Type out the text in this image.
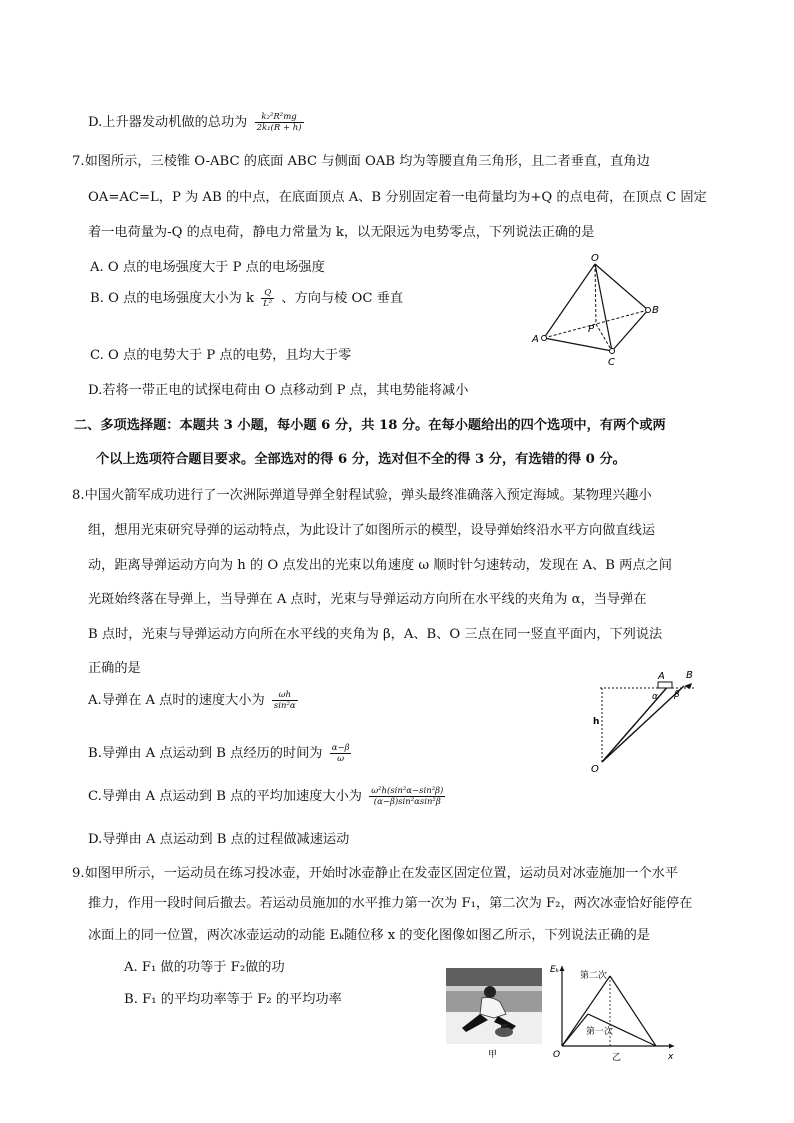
D.上升器发动机做的总功为 $\frac{\text{k₂²R²mg}}{\text{2k₁(R + h)}}$
7.如图所示，三棱锥 O-ABC 的底面 ABC 与侧面 OAB 均为等腰直角三角形，且二者垂直，直角边
OA=AC=L，P 为 AB 的中点，在底面顶点 A、B 分别固定着一电荷量均为+Q 的点电荷，在顶点 C 固定
着一电荷量为-Q 的点电荷，静电力常量为 k，以无限远为电势零点，下列说法正确的是
A. O 点的电场强度大于 P 点的电场强度
B. O 点的电场强度大小为 k $\frac{Q}{\text{L²}}$ 、方向与棱 OC 垂直
C. O 点的电势大于 P 点的电势，且均大于零
D.若将一带正电的试探电荷由 O 点移动到 P 点，其电势能将减小
O
A
B
C
P
二、多项选择题：本题共 3 小题，每小题 6 分，共 18 分。在每小题给出的四个选项中，有两个或两
个以上选项符合题目要求。全部选对的得 6 分，选对但不全的得 3 分，有选错的得 0 分。
8.中国火箭军成功进行了一次洲际弹道导弹全射程试验，弹头最终准确落入预定海域。某物理兴趣小
组，想用光束研究导弹的运动特点，为此设计了如图所示的模型，设导弹始终沿水平方向做直线运
动，距离导弹运动方向为 h 的 O 点发出的光束以角速度 ω 顺时针匀速转动，发现在 A、B 两点之间
光斑始终落在导弹上，当导弹在 A 点时，光束与导弹运动方向所在水平线的夹角为 α，当导弹在
B 点时，光束与导弹运动方向所在水平线的夹角为 β，A、B、O 三点在同一竖直平面内，下列说法
正确的是
A.导弹在 A 点时的速度大小为 $\frac{\omega h}{\text{sin²α}}$
B.导弹由 A 点运动到 B 点经历的时间为 $\frac{\alpha-\beta}{\omega}$
C.导弹由 A 点运动到 B 点的平均加速度大小为 $\frac{\text{ω²h(sin²α−sin²β)}}{\text{(α−β)sin²αsin²β}}$
D.导弹由 A 点运动到 B 点的过程做减速运动
A B
O
h
α β
9.如图甲所示，一运动员在练习投冰壶，开始时冰壶静止在发壶区固定位置，运动员对冰壶施加一个水平
推力，作用一段时间后撤去。若运动员施加的水平推力第一次为 F₁，第二次为 F₂，两次冰壶恰好能停在
冰面上的同一位置，两次冰壶运动的动能 Eₖ随位移 x 的变化图像如图乙所示，下列说法正确的是
A. F₁ 做的功等于 F₂做的功
B. F₁ 的平均功率等于 F₂ 的平均功率
甲
Eₖ
x
O
第二次
第一次
乙
